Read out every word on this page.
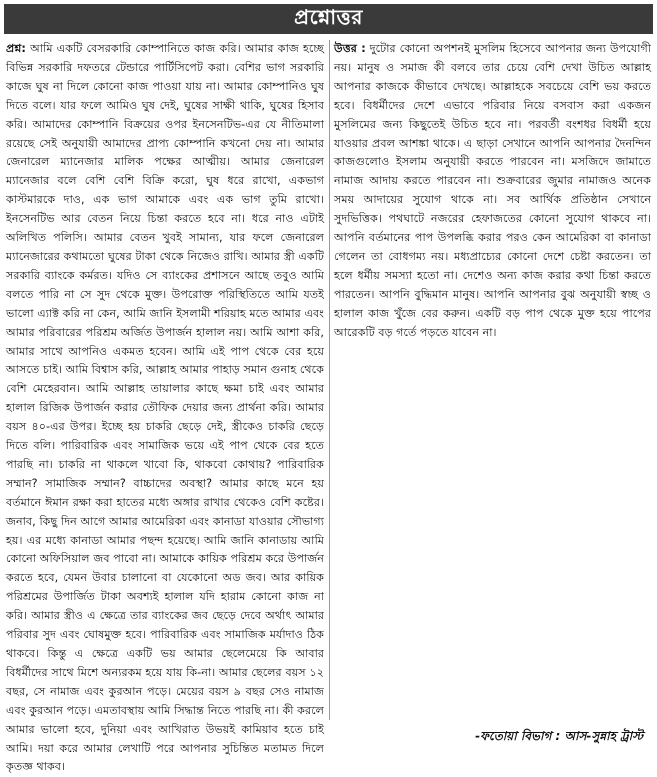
প্রশ্নোত্তর

প্রশ্ন: আমি একটি বেসরকারি কোম্পানিতে কাজ করি। আমার কাজ হচ্ছে বিভিন্ন সরকারি দফতরে টেন্ডারে পার্টিসিপেট করা। বেশির ভাগ সরকারি কাজে ঘুষ না দিলে কোনো কাজ পাওয়া যায় না। আমার কোম্পানিও ঘুষ দিতে বলে। যার ফলে আমিও ঘুষ দেই, ঘুষের সাক্ষী থাকি, ঘুষের হিসাব করি। আমাদের কোম্পানি বিক্রয়ের ওপর ইনসেনটিভ-এর যে নীতিমালা রয়েছে সেই অনুযায়ী আমাদের প্রাপ্য কোম্পানি কখনো দেয় না। আমার জেনারেল ম্যানেজার মালিক পক্ষের আত্মীয়। আমার জেনারেল ম্যানেজার বলে বেশি বেশি বিক্রি করো, ঘুষ ধরে রাখো, একভাগ কাস্টমারকে দাও, এক ভাগ আমাকে এবং এক ভাগ তুমি রাখো। ইনসেনটিভ আর বেতন নিয়ে চিন্তা করতে হবে না। ধরে নাও এটাই অলিখিত পলিসি। আমার বেতন খুবই সামান্য, যার ফলে জেনারেল ম্যানেজারের কথামতো ঘুষের টাকা থেকে নিজেও রাখি। আমার স্ত্রী একটি সরকারি ব্যাংকে কর্মরত। যদিও সে ব্যাংকের প্রশাসনে আছে তবুও আমি বলতে পারি না সে সুদ থেকে মুক্ত। উপরোক্ত পরিস্থিতিতে আমি যতই ভালো এ্যাক্ট করি না কেন, আমি জানি ইসলামী শরিয়াহ মতে আমার এবং আমার পরিবারের পরিশ্রম অর্জিত উপার্জন হালাল নয়। আমি আশা করি, আমার সাথে আপনিও একমত হবেন। আমি এই পাপ থেকে বের হয়ে আসতে চাই। আমি বিশ্বাস করি, আল্লাহ আমার পাহাড় সমান গুনাহ থেকে বেশি মেহেরবান। আমি আল্লাহ তায়ালার কাছে ক্ষমা চাই এবং আমার হালাল রিজিক উপার্জন করার তৌফিক দেয়ার জন্য প্রার্থনা করি। আমার বয়স ৪০-এর উপর। ইচ্ছে হয় চাকরি ছেড়ে দেই, স্ত্রীকেও চাকরি ছেড়ে দিতে বলি। পারিবারিক এবং সামাজিক ভয়ে এই পাপ থেকে বের হতে পারছি না। চাকরি না থাকলে খাবো কি, থাকবো কোথায়? পারিবারিক সম্মান? সামাজিক সম্মান? বাচ্চাদের অবস্থা? আমার কাছে মনে হয় বর্তমানে ঈমান রক্ষা করা হাতের মধ্যে অঙ্গার রাখার থেকেও বেশি কষ্টের। জনাব, কিছু দিন আগে আমার আমেরিকা এবং কানাডা যাওয়ার সৌভাগ্য হয়। এর মধ্যে কানাডা আমার পছন্দ হয়েছে। আমি জানি কানাডায় আমি কোনো অফিসিয়াল জব পাবো না। আমাকে কায়িক পরিশ্রম করে উপার্জন করতে হবে, যেমন উবার চালানো বা যেকোনো অড জব। আর কায়িক পরিশ্রমের উপার্জিত টাকা অবশ্যই হালাল যদি হারাম কোনো কাজ না করি। আমার স্ত্রীও এ ক্ষেত্রে তার ব্যাংকের জব ছেড়ে দেবে অর্থাৎ আমার পরিবার সুদ এবং ঘোষমুক্ত হবে। পারিবারিক এবং সামাজিক মর্যাদাও ঠিক থাকবে। কিন্তু এ ক্ষেত্রে একটি ভয় আমার ছেলেমেয়ে কি আবার বিধর্মীদের সাথে মিশে অন্যরকম হয়ে যায় কি-না। আমার ছেলের বয়স ১২ বছর, সে নামাজ এবং কুরআন পড়ে। মেয়ের বয়স ৯ বছর সেও নামাজ এবং কুরআন পড়ে। এমতাবস্থায় আমি সিদ্ধান্ত নিতে পারছি না। কী করলে আমার ভালো হবে, দুনিয়া এবং আখিরাত উভয়ই কামিয়াব হতে চাই আমি। দয়া করে আমার লেখাটি পরে আপনার সুচিন্তিত মতামত দিলে কৃতজ্ঞ থাকব।

উত্তর : দুটোর কোনো অপশনই মুসলিম হিসেবে আপনার জন্য উপযোগী নয়। মানুষ ও সমাজ কী বলবে তার চেয়ে বেশি দেখা উচিত আল্লাহ আপনার কাজকে কীভাবে দেখছে। আল্লাহকে সবচেয়ে বেশি ভয় করতে হবে। বিধর্মীদের দেশে এভাবে পরিবার নিয়ে বসবাস করা একজন মুসলিমের জন্য কিছুতেই উচিত হবে না। পরবর্তী বংশধর বিধর্মী হয়ে যাওয়ার প্রবল আশঙ্কা থাকে। এ ছাড়া সেখানে আপনি আপনার দৈনন্দিন কাজগুলোও ইসলাম অনুযায়ী করতে পারবেন না। মসজিদে জামাতে নামাজ আদায় করতে পারবেন না। শুক্রবারের জুমার নামাজও অনেক সময় আদায়ের সুযোগ থাকে না। সব আর্থিক প্রতিষ্ঠান সেখানে সুদভিত্তিক। পথঘাটে নজরের হেফাজতের কোনো সুযোগ থাকবে না। আপনি বর্তমানের পাপ উপলব্ধি করার পরও কেন আমেরিকা বা কানাডা গেলেন তা বোধগম্য নয়। মধ্যপ্রাচ্যের কোনো দেশে চেষ্টা করতেন। তা হলে ধর্মীয় সমস্যা হতো না। দেশেও অন্য কাজ করার কথা চিন্তা করতে পারতেন। আপনি বুদ্ধিমান মানুষ। আপনি আপনার বুঝ অনুযায়ী স্বচ্ছ ও হালাল কাজ খুঁজে বের করুন। একটি বড় পাপ থেকে মুক্ত হয়ে পাপের আরেকটি বড় গর্তে পড়তে যাবেন না।

-ফতোয়া বিভাগ : আস-সুন্নাহ ট্রাস্ট
